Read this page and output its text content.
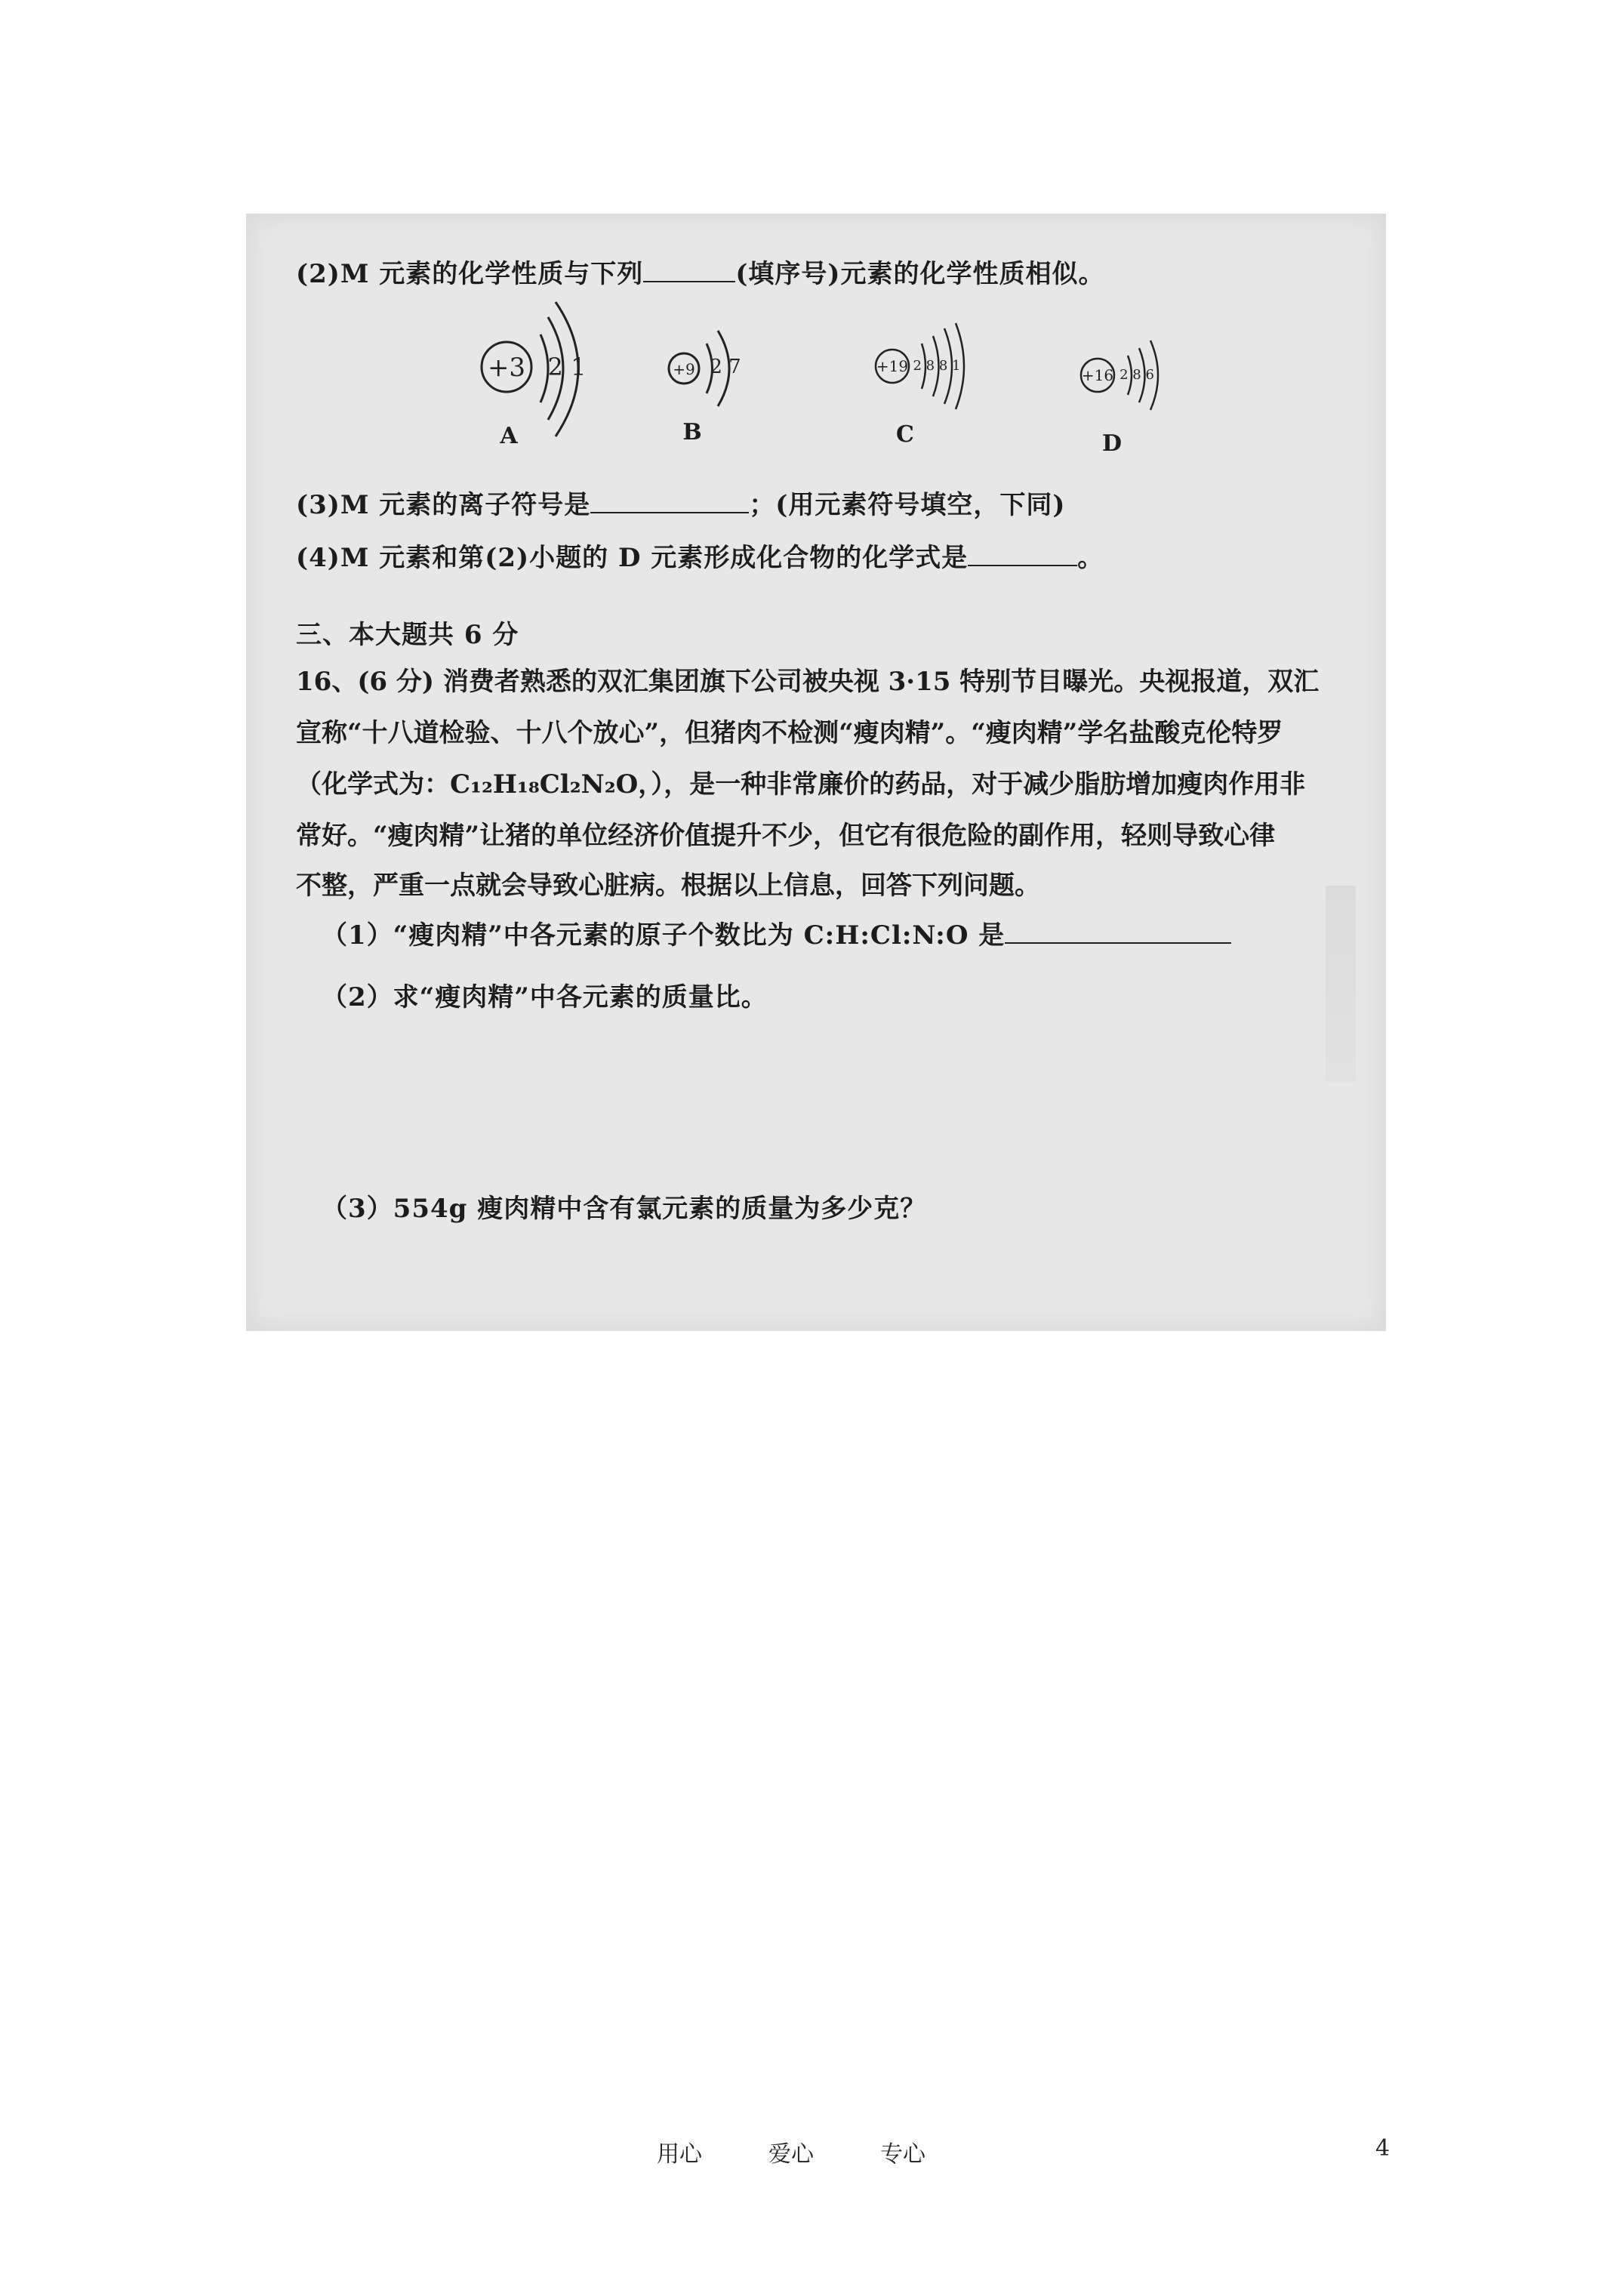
(2)M 元素的化学性质与下列	(填序号)元素的化学性质相似。
+3 2 1	+9 2 7	+19 2 8 8 1
+16 2 8 6
A	B	C	D
(3)M 元素的离子符号是	；(用元素符号填空，下同)
(4)M 元素和第(2)小题的 D 元素形成化合物的化学式是	。
三、本大题共 6 分
16、(6 分) 消费者熟悉的双汇集团旗下公司被央视 3·15 特别节目曝光。央视报道，双汇
宣称“十八道检验、十八个放心”，但猪肉不检测“瘦肉精”。“瘦肉精”学名盐酸克伦特罗
（化学式为：C₁₂H₁₈Cl₂N₂O，），是一种非常廉价的药品，对于减少脂肪增加瘦肉作用非
常好。“瘦肉精”让猪的单位经济价值提升不少，但它有很危险的副作用，轻则导致心律
不整，严重一点就会导致心脏病。根据以上信息，回答下列问题。
（1）“瘦肉精”中各元素的原子个数比为 C:H:Cl:N:O 是
（2）求“瘦肉精”中各元素的质量比。
（3）554g 瘦肉精中含有氯元素的质量为多少克？
用心	爱心	专心	4
